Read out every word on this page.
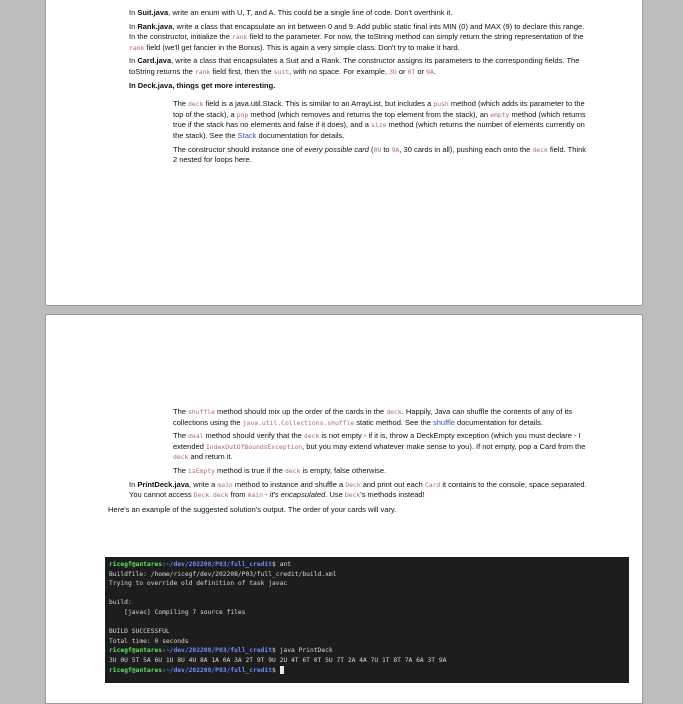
• In Suit.java, write an enum with U, T, and A. This could be a single line of code. Don't overthink it.
• In Rank.java, write a class that encapsulate an int between 0 and 9. Add public static final ints MIN (0) and MAX (9) to declare this range. In the constructor, initialize the rank field to the parameter. For now, the toString method can simply return the string representation of the rank field (we'll get fancier in the Bonus). This is again a very simple class. Don't try to make it hard.
• In Card.java, write a class that encapsulates a Suit and a Rank. The constructor assigns its parameters to the corresponding fields. The toString returns the rank field first, then the suit, with no space. For example, 3U or 0T or 9A.
• In Deck.java, things get more interesting.
• The deck field is a java.util.Stack. This is similar to an ArrayList, but includes a push method (which adds its parameter to the top of the stack), a pop method (which removes and returns the top element from the stack), an empty method (which returns true if the stack has no elements and false if it does), and a size method (which returns the number of elements currently on the stack). See the Stack documentation for details.
• The constructor should instance one of every possible card (0U to 9A, 30 cards in all), pushing each onto the deck field. Think 2 nested for loops here.
• The shuffle method should mix up the order of the cards in the deck. Happily, Java can shuffle the contents of any of its collections using the java.util.Collections.shuffle static method. See the shuffle documentation for details.
• The deal method should verify that the deck is not empty - if it is, throw a DeckEmpty exception (which you must declare - I extended IndexOutOfBoundsException, but you may extend whatever make sense to you). If not empty, pop a Card from the deck and return it.
• The isEmpty method is true if the deck is empty, false otherwise.
• In PrintDeck.java, write a main method to instance and shuffle a Deck and print out each Card it contains to the console, space separated. You cannot access Deck.deck from main - it's encapsulated. Use Deck's methods instead!
Here's an example of the suggested solution's output. The order of your cards will vary.
ricegf@antares:~/dev/202208/P03/full_credit$ ant
Buildfile: /home/ricegf/dev/202208/P03/full_credit/build.xml
Trying to override old definition of task javac

build:
[javac] Compiling 7 source files

BUILD SUCCESSFUL
Total time: 0 seconds
ricegf@antares:~/dev/202208/P03/full_credit$ java PrintDeck
3U 0U 5T 5A 6U 1U 8U 4U 8A 1A 0A 3A 2T 9T 9U 2U 4T 6T 0T 5U 7T 2A 4A 7U 1T 8T 7A 6A 3T 9A
ricegf@antares:~/dev/202208/P03/full_credit$
